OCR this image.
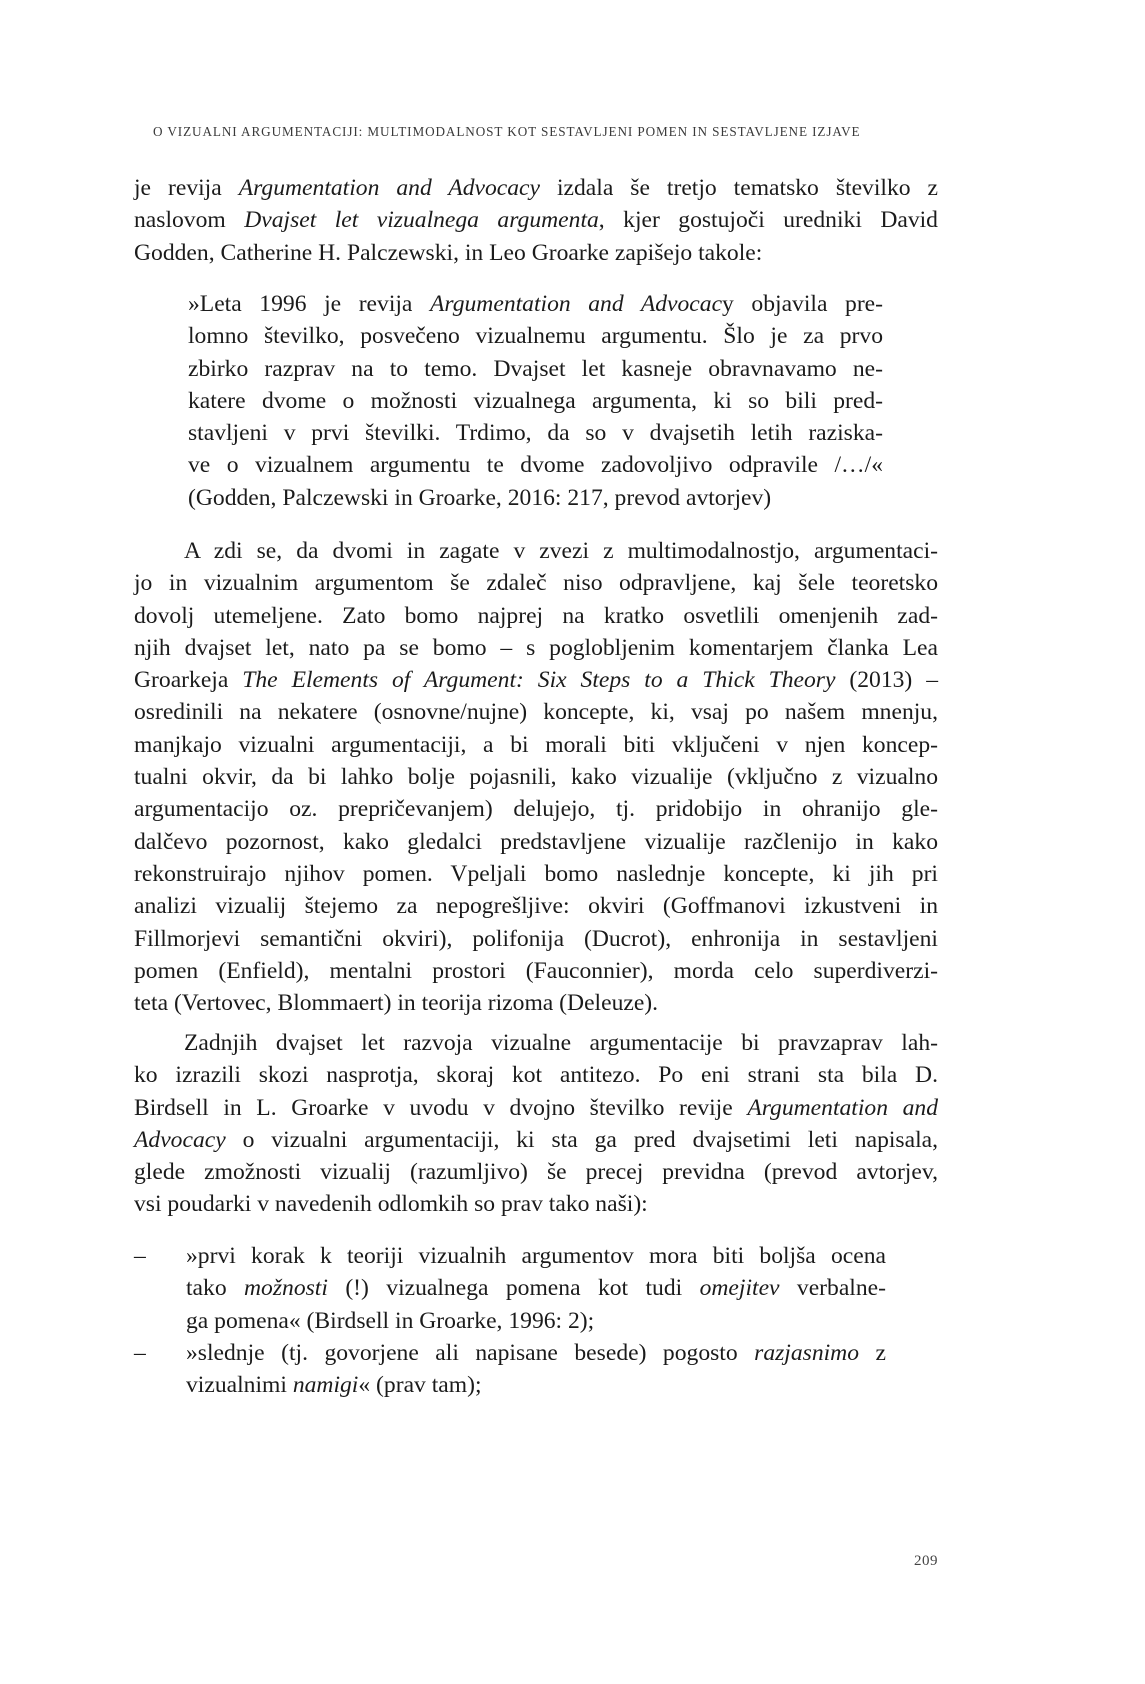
O VIZUALNI ARGUMENTACIJI: MULTIMODALNOST KOT SESTAVLJENI POMEN IN SESTAVLJENE IZJAVE
je revija Argumentation and Advocacy izdala še tretjo tematsko številko z
naslovom Dvajset let vizualnega argumenta, kjer gostujoči uredniki David
Godden, Catherine H. Palczewski, in Leo Groarke zapišejo takole:
»Leta 1996 je revija Argumentation and Advocacy objavila pre-
lomno številko, posvečeno vizualnemu argumentu. Šlo je za prvo
zbirko razprav na to temo. Dvajset let kasneje obravnavamo ne-
katere dvome o možnosti vizualnega argumenta, ki so bili pred-
stavljeni v prvi številki. Trdimo, da so v dvajsetih letih raziska-
ve o vizualnem argumentu te dvome zadovoljivo odpravile /…/«
(Godden, Palczewski in Groarke, 2016: 217, prevod avtorjev)
A zdi se, da dvomi in zagate v zvezi z multimodalnostjo, argumentaci-
jo in vizualnim argumentom še zdaleč niso odpravljene, kaj šele teoretsko
dovolj utemeljene. Zato bomo najprej na kratko osvetlili omenjenih zad-
njih dvajset let, nato pa se bomo – s poglobljenim komentarjem članka Lea
Groarkeja The Elements of Argument: Six Steps to a Thick Theory (2013) –
osredinili na nekatere (osnovne/nujne) koncepte, ki, vsaj po našem mnenju,
manjkajo vizualni argumentaciji, a bi morali biti vključeni v njen koncep-
tualni okvir, da bi lahko bolje pojasnili, kako vizualije (vključno z vizualno
argumentacijo oz. prepričevanjem) delujejo, tj. pridobijo in ohranijo gle-
dalčevo pozornost, kako gledalci predstavljene vizualije razčlenijo in kako
rekonstruirajo njihov pomen. Vpeljali bomo naslednje koncepte, ki jih pri
analizi vizualij štejemo za nepogrešljive: okviri (Goffmanovi izkustveni in
Fillmorjevi semantični okviri), polifonija (Ducrot), enhronija in sestavljeni
pomen (Enfield), mentalni prostori (Fauconnier), morda celo superdiverzi-
teta (Vertovec, Blommaert) in teorija rizoma (Deleuze).
Zadnjih dvajset let razvoja vizualne argumentacije bi pravzaprav lah-
ko izrazili skozi nasprotja, skoraj kot antitezo. Po eni strani sta bila D.
Birdsell in L. Groarke v uvodu v dvojno številko revije Argumentation and
Advocacy o vizualni argumentaciji, ki sta ga pred dvajsetimi leti napisala,
glede zmožnosti vizualij (razumljivo) še precej previdna (prevod avtorjev,
vsi poudarki v navedenih odlomkih so prav tako naši):
– »prvi korak k teoriji vizualnih argumentov mora biti boljša ocena
tako možnosti (!) vizualnega pomena kot tudi omejitev verbalne-
ga pomena« (Birdsell in Groarke, 1996: 2);
– »slednje (tj. govorjene ali napisane besede) pogosto razjasnimo z
vizualnimi namigi« (prav tam);
209
